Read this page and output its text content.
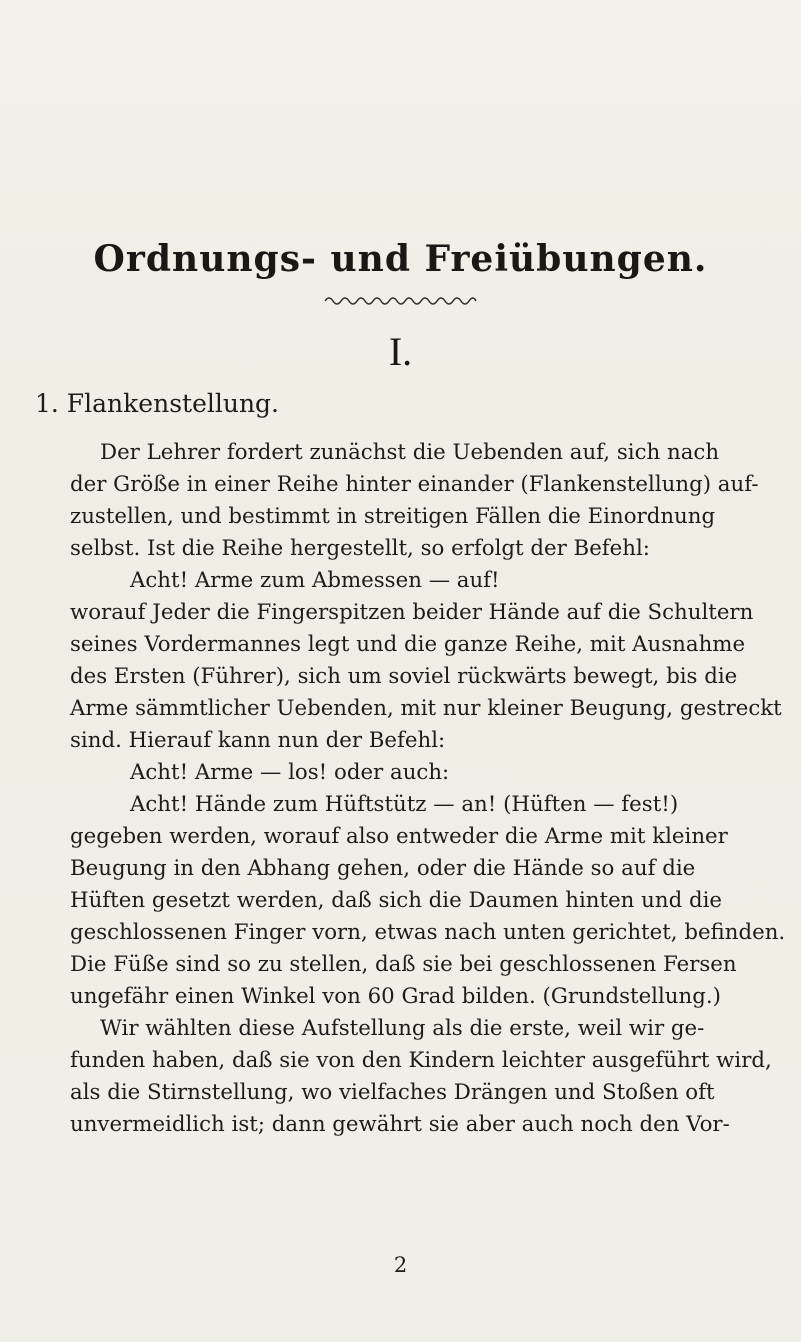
Ordnungs- und Freiübungen.
I.
1. Flankenstellung.
Der Lehrer fordert zunächst die Uebenden auf, sich nach
der Größe in einer Reihe hinter einander (Flankenstellung) auf-
zustellen, und bestimmt in streitigen Fällen die Einordnung
selbst. Ist die Reihe hergestellt, so erfolgt der Befehl:
Acht! Arme zum Abmessen — auf!
worauf Jeder die Fingerspitzen beider Hände auf die Schultern
seines Vordermannes legt und die ganze Reihe, mit Ausnahme
des Ersten (Führer), sich um soviel rückwärts bewegt, bis die
Arme sämmtlicher Uebenden, mit nur kleiner Beugung, gestreckt
sind. Hierauf kann nun der Befehl:
Acht! Arme — los! oder auch:
Acht! Hände zum Hüftstütz — an! (Hüften — fest!)
gegeben werden, worauf also entweder die Arme mit kleiner
Beugung in den Abhang gehen, oder die Hände so auf die
Hüften gesetzt werden, daß sich die Daumen hinten und die
geschlossenen Finger vorn, etwas nach unten gerichtet, befinden.
Die Füße sind so zu stellen, daß sie bei geschlossenen Fersen
ungefähr einen Winkel von 60 Grad bilden. (Grundstellung.)
Wir wählten diese Aufstellung als die erste, weil wir ge-
funden haben, daß sie von den Kindern leichter ausgeführt wird,
als die Stirnstellung, wo vielfaches Drängen und Stoßen oft
unvermeidlich ist; dann gewährt sie aber auch noch den Vor-
2
